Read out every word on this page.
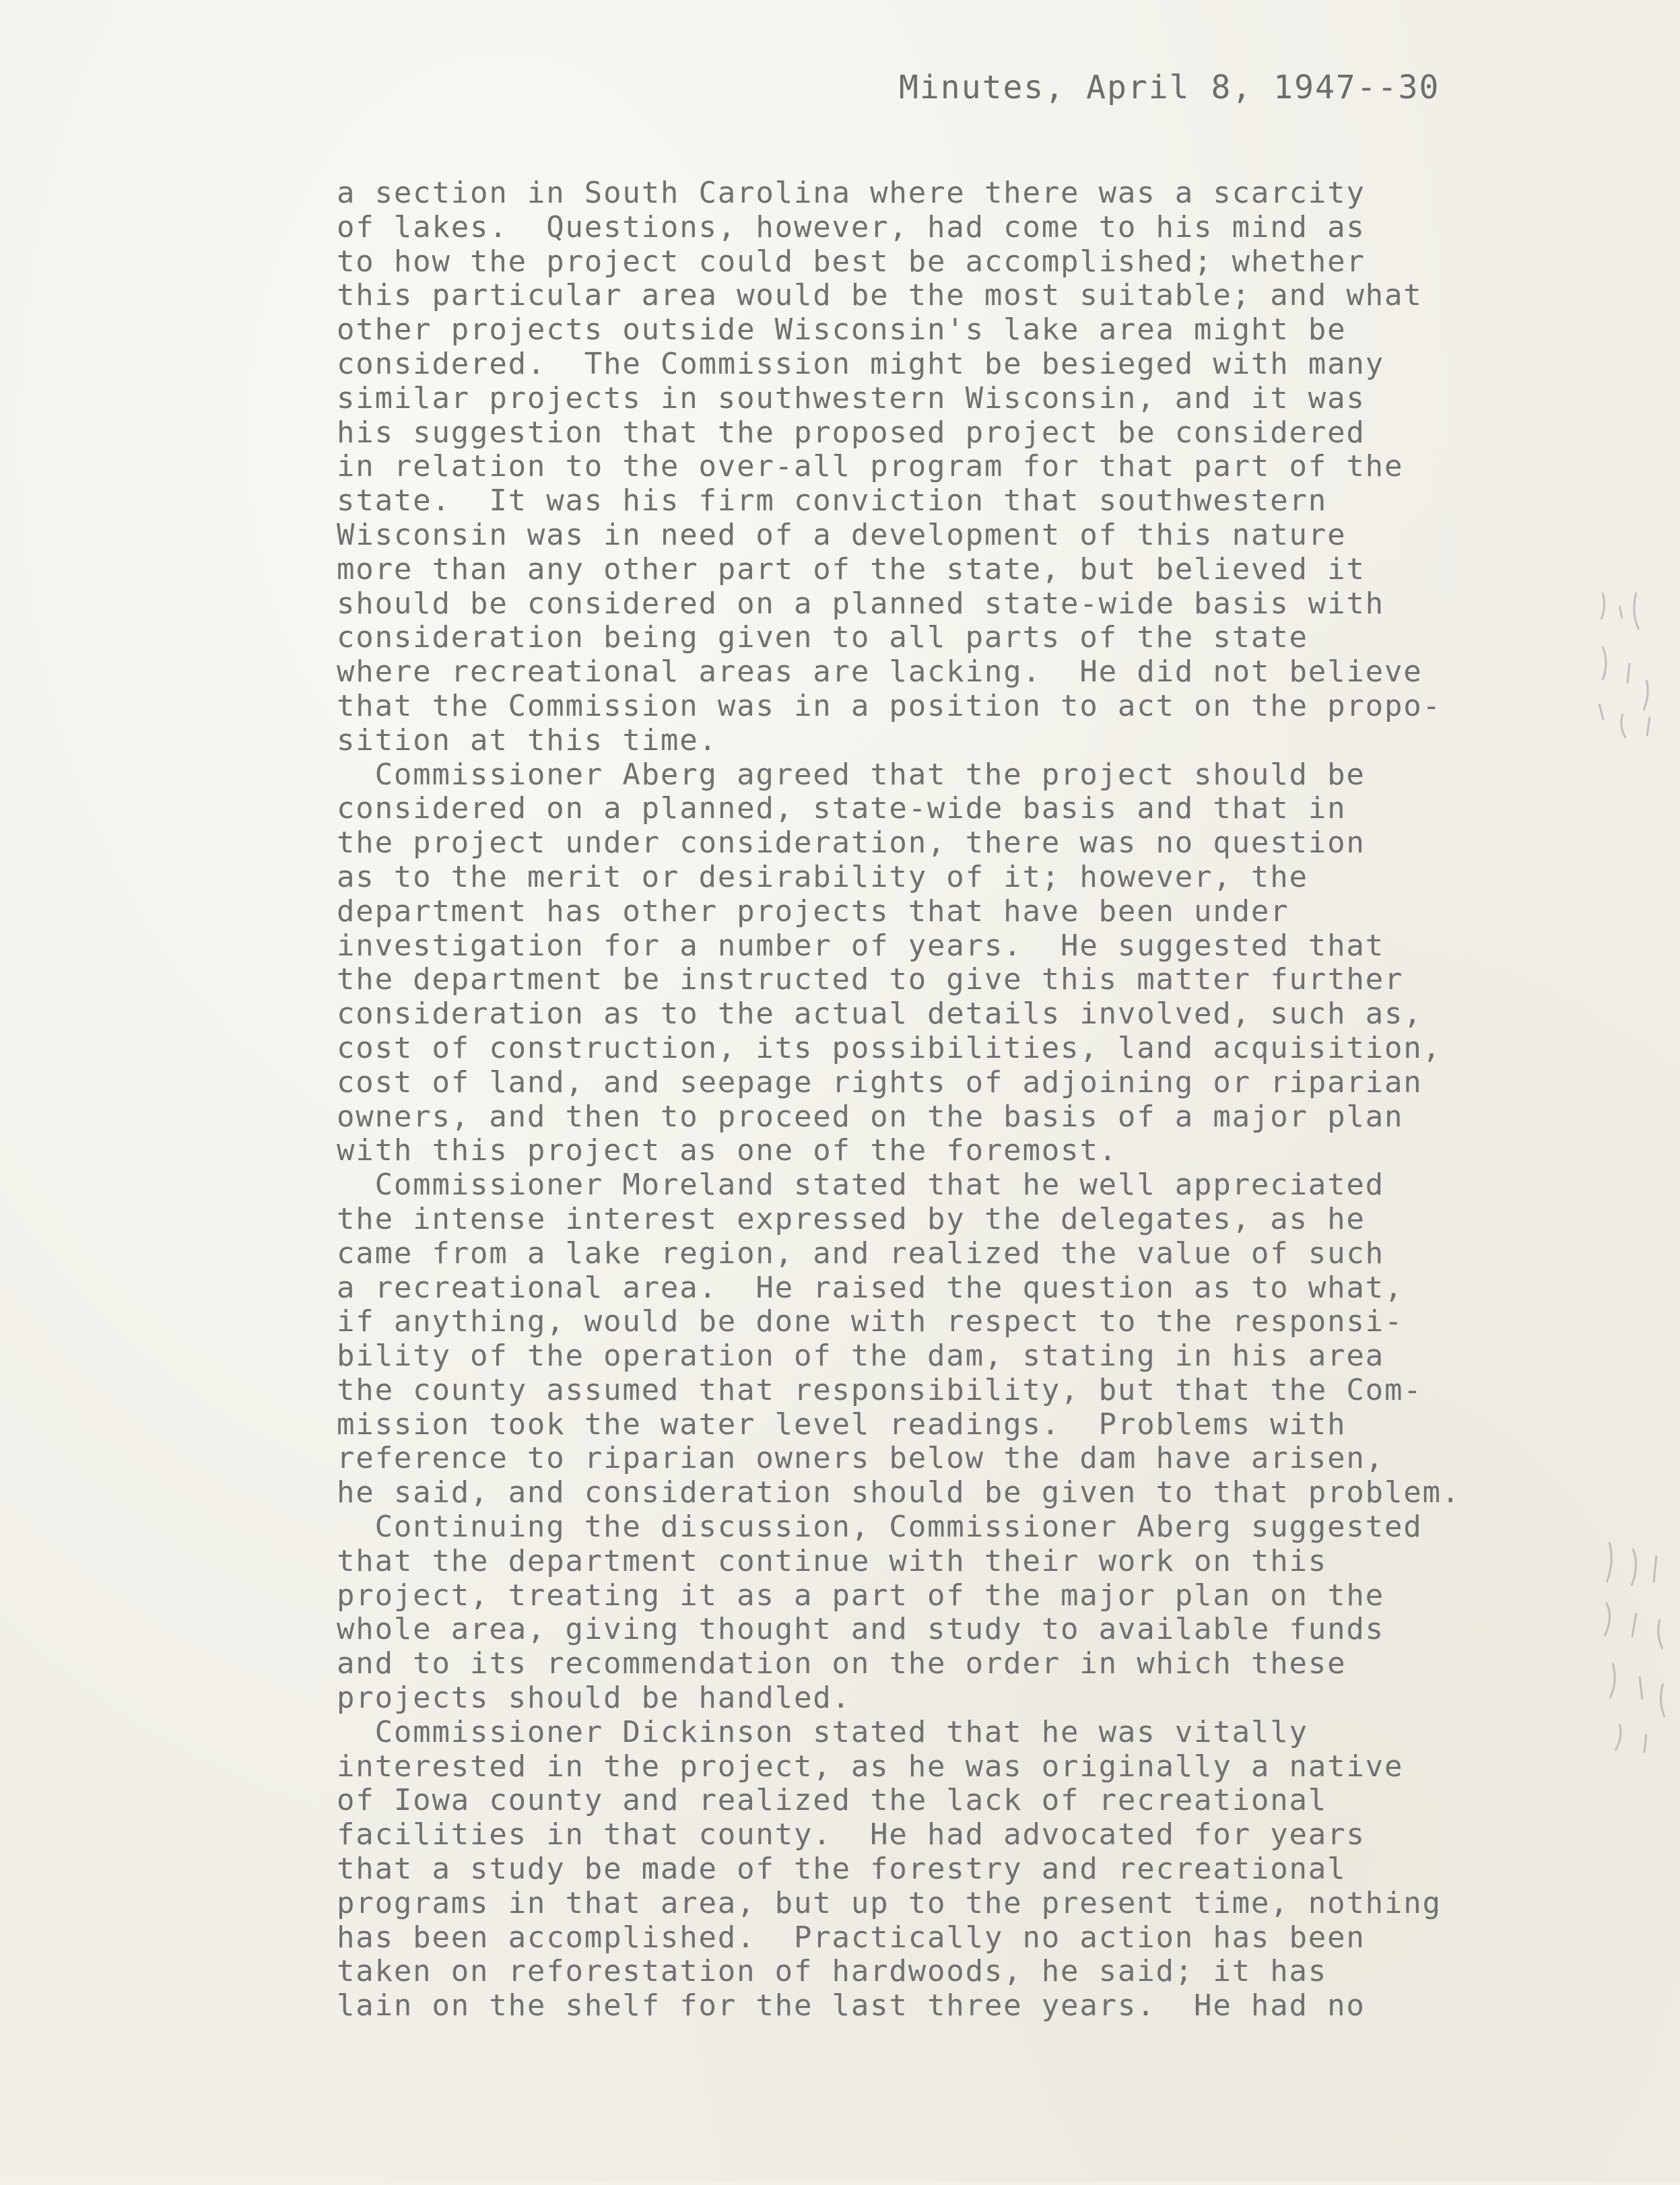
Minutes, April 8, 1947--30
a section in South Carolina where there was a scarcity
of lakes.  Questions, however, had come to his mind as
to how the project could best be accomplished; whether
this particular area would be the most suitable; and what
other projects outside Wisconsin's lake area might be
considered.  The Commission might be besieged with many
similar projects in southwestern Wisconsin, and it was
his suggestion that the proposed project be considered
in relation to the over-all program for that part of the
state.  It was his firm conviction that southwestern
Wisconsin was in need of a development of this nature
more than any other part of the state, but believed it
should be considered on a planned state-wide basis with
consideration being given to all parts of the state
where recreational areas are lacking.  He did not believe
that the Commission was in a position to act on the propo-
sition at this time.
Commissioner Aberg agreed that the project should be
considered on a planned, state-wide basis and that in
the project under consideration, there was no question
as to the merit or desirability of it; however, the
department has other projects that have been under
investigation for a number of years.  He suggested that
the department be instructed to give this matter further
consideration as to the actual details involved, such as,
cost of construction, its possibilities, land acquisition,
cost of land, and seepage rights of adjoining or riparian
owners, and then to proceed on the basis of a major plan
with this project as one of the foremost.
Commissioner Moreland stated that he well appreciated
the intense interest expressed by the delegates, as he
came from a lake region, and realized the value of such
a recreational area.  He raised the question as to what,
if anything, would be done with respect to the responsi-
bility of the operation of the dam, stating in his area
the county assumed that responsibility, but that the Com-
mission took the water level readings.  Problems with
reference to riparian owners below the dam have arisen,
he said, and consideration should be given to that problem.
Continuing the discussion, Commissioner Aberg suggested
that the department continue with their work on this
project, treating it as a part of the major plan on the
whole area, giving thought and study to available funds
and to its recommendation on the order in which these
projects should be handled.
Commissioner Dickinson stated that he was vitally
interested in the project, as he was originally a native
of Iowa county and realized the lack of recreational
facilities in that county.  He had advocated for years
that a study be made of the forestry and recreational
programs in that area, but up to the present time, nothing
has been accomplished.  Practically no action has been
taken on reforestation of hardwoods, he said; it has
lain on the shelf for the last three years.  He had no
